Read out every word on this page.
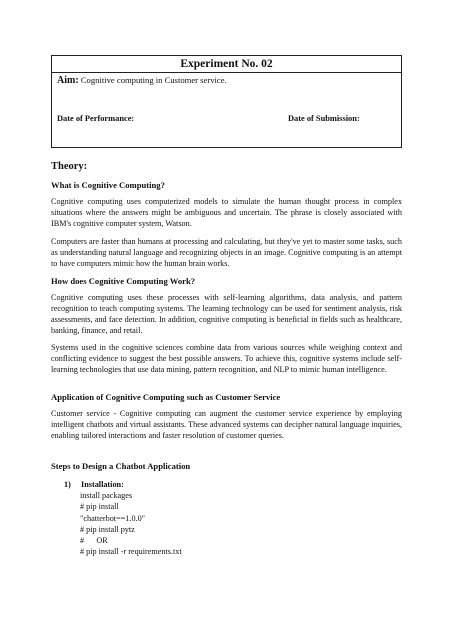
Experiment No. 02
Aim: Cognitive computing in Customer service.
Date of Performance:	Date of Submission:
Theory:
What is Cognitive Computing?
Cognitive computing uses computerized models to simulate the human thought process in complex situations where the answers might be ambiguous and uncertain. The phrase is closely associated with IBM's cognitive computer system, Watson.
Computers are faster than humans at processing and calculating, but they've yet to master some tasks, such as understanding natural language and recognizing objects in an image. Cognitive computing is an attempt to have computers mimic how the human brain works.
How does Cognitive Computing Work?
Cognitive computing uses these processes with self-learning algorithms, data analysis, and pattern recognition to teach computing systems. The learning technology can be used for sentiment analysis, risk assessments, and face detection. In addition, cognitive computing is beneficial in fields such as healthcare, banking, finance, and retail.
Systems used in the cognitive sciences combine data from various sources while weighing context and conflicting evidence to suggest the best possible answers. To achieve this, cognitive systems include self-learning technologies that use data mining, pattern recognition, and NLP to mimic human intelligence.
Application of Cognitive Computing such as Customer Service
Customer service - Cognitive computing can augment the customer service experience by employing intelligent chatbots and virtual assistants. These advanced systems can decipher natural language inquiries, enabling tailored interactions and faster resolution of customer queries.
Steps to Design a Chatbot Application
1) Installation:
install packages
# pip install
"chatterbot==1.0.0"
# pip install pytz
#      OR
# pip install -r requirements.txt
